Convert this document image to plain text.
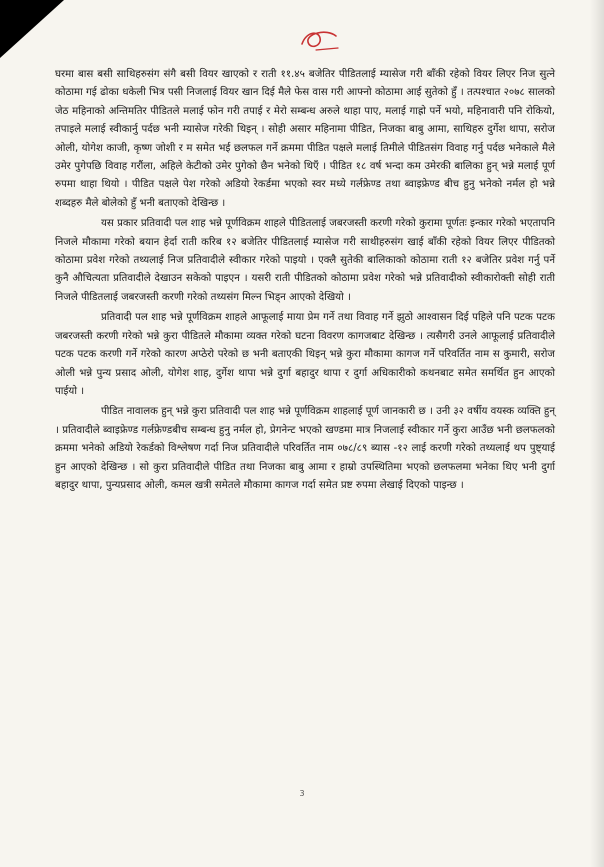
घरमा बास बसी साथिहरुसंग संगै बसी वियर खाएको र राती ११.४५ बजेतिर पीडितलाई म्यासेज गरी बाँकी रहेको वियर लिएर निज सुत्ने कोठामा गई ढोका धकेली भित्र पसी निजलाई वियर खान दिई मैले फेस वास गरी आफ्नो कोठामा आई सुतेको हुँ । तत्पश्चात २०७८ सालको जेठ महिनाको अन्तिमतिर पीडितले मलाई फोन गरी तपाई र मेरो सम्बन्ध अरुले थाहा पाए, मलाई गाह्रो पर्ने भयो, महिनावारी पनि रोकियो, तपाइले मलाई स्वीकार्नु पर्दछ भनी म्यासेज गरेकी थिइन् । सोही असार महिनामा पीडित, निजका बाबु आमा, साथिहरु दुर्गेश थापा, सरोज ओली, योगेश काजी, कृष्ण जोशी र म समेत भई छलफल गर्ने क्रममा पीडित पक्षले मलाई तिमीले पीडितसंग विवाह गर्नु पर्दछ भनेकाले मैले उमेर पुगेपछि विवाह गरौंला, अहिले केटीको उमेर पुगेको छैन भनेको थिएँ । पीडित १८ वर्ष भन्दा कम उमेरकी बालिका हुन् भन्ने मलाई पूर्ण रुपमा थाहा थियो । पीडित पक्षले पेश गरेको अडियो रेकर्डमा भएको स्वर मध्ये गर्लफ्रेण्ड तथा ब्वाइफ्रेण्ड बीच हुनु भनेको नर्मल हो भन्ने शब्दहरु मैले बोलेको हुँ भनी बताएको देखिन्छ ।

यस प्रकार प्रतिवादी पल शाह भन्ने पूर्णविक्रम शाहले पीडितलाई जबरजस्ती करणी गरेको कुरामा पूर्णतः इन्कार गरेको भएतापनि निजले मौकामा गरेको बयान हेर्दा राती करिब १२ बजेतिर पीडितलाई म्यासेज गरी साथीहरुसंग खाई बाँकी रहेको वियर लिएर पीडितको कोठामा प्रवेश गरेको तथ्यलाई निज प्रतिवादीले स्वीकार गरेको पाइयो । एक्लै सुतेकी बालिकाको कोठामा राती १२ बजेतिर प्रवेश गर्नु पर्ने कुनै औचित्यता प्रतिवादीले देखाउन सकेको पाइएन । यसरी राती पीडितको कोठामा प्रवेश गरेको भन्ने प्रतिवादीको स्वीकारोक्ती सोही राती निजले पीडितलाई जबरजस्ती करणी गरेको तथ्यसंग मिल्न भिड्न आएको देखियो ।

प्रतिवादी पल शाह भन्ने पूर्णविक्रम शाहले आफूलाई माया प्रेम गर्ने तथा विवाह गर्ने झुठो आश्वासन दिई पहिले पनि पटक पटक जबरजस्ती करणी गरेको भन्ने कुरा पीडितले मौकामा व्यक्त गरेको घटना विवरण कागजबाट देखिन्छ । त्यसैगरी उनले आफूलाई प्रतिवादीले पटक पटक करणी गर्ने गरेको कारण अप्ठेरो परेको छ भनी बताएकी थिइन् भन्ने कुरा मौकामा कागज गर्ने परिवर्तित नाम स कुमारी, सरोज ओली भन्ने पुन्य प्रसाद ओली, योगेश शाह, दुर्गेश थापा भन्ने दुर्गा बहादुर थापा र दुर्गा अधिकारीको कथनबाट समेत समर्थित हुन आएको पाईयो ।

पीडित नावालक हुन् भन्ने कुरा प्रतिवादी पल शाह भन्ने पूर्णविक्रम शाहलाई पूर्ण जानकारी छ । उनी ३२ वर्षीय वयस्क व्यक्ति हुन् । प्रतिवादीले ब्वाइफ्रेण्ड गर्लफ्रेण्डबीच सम्बन्ध हुनु नर्मल हो, प्रेगनेन्ट भएको खण्डमा मात्र निजलाई स्वीकार गर्ने कुरा आउँछ भनी छलफलको क्रममा भनेको अडियो रेकर्डको विश्लेषण गर्दा निज प्रतिवादीले परिवर्तित नाम ०७८/८९ ब्यास -१२ लाई करणी गरेको तथ्यलाई थप पुष्ट्याई हुन आएको देखिन्छ । सो कुरा प्रतिवादीले पीडित तथा निजका बाबु आमा र हाम्रो उपस्थितिमा भएको छलफलमा भनेका थिए भनी दुर्गा बहादुर थापा, पुन्यप्रसाद ओली, कमल खत्री समेतले मौकामा कागज गर्दा समेत प्रष्ट रुपमा लेखाई दिएको पाइन्छ ।

3
